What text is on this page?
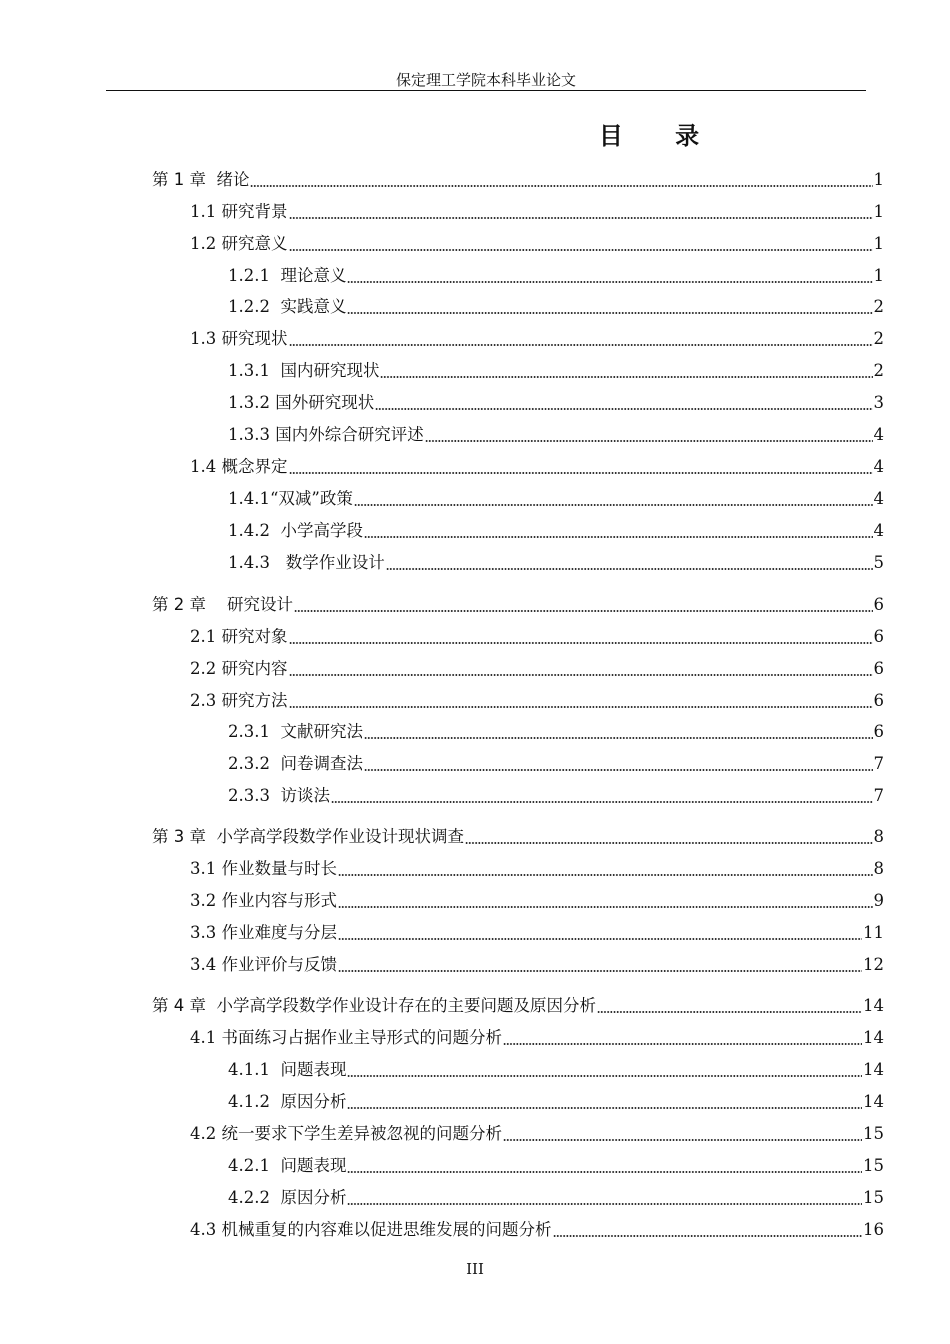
保定理工学院本科毕业论文
目 录
第 1 章  绪论	1
1.1 研究背景	1
1.2 研究意义	1
1.2.1  理论意义	1
1.2.2  实践意义	2
1.3 研究现状	2
1.3.1  国内研究现状	2
1.3.2 国外研究现状	3
1.3.3 国内外综合研究评述	4
1.4 概念界定	4
1.4.1“双减”政策	4
1.4.2  小学高学段	4
1.4.3   数学作业设计	5
第 2 章    研究设计	6
2.1 研究对象	6
2.2 研究内容	6
2.3 研究方法	6
2.3.1  文献研究法	6
2.3.2  问卷调查法	7
2.3.3  访谈法	7
第 3 章  小学高学段数学作业设计现状调查	8
3.1 作业数量与时长	8
3.2 作业内容与形式	9
3.3 作业难度与分层	11
3.4 作业评价与反馈	12
第 4 章  小学高学段数学作业设计存在的主要问题及原因分析	14
4.1 书面练习占据作业主导形式的问题分析	14
4.1.1  问题表现	14
4.1.2  原因分析	14
4.2 统一要求下学生差异被忽视的问题分析	15
4.2.1  问题表现	15
4.2.2  原因分析	15
4.3 机械重复的内容难以促进思维发展的问题分析	16
III
